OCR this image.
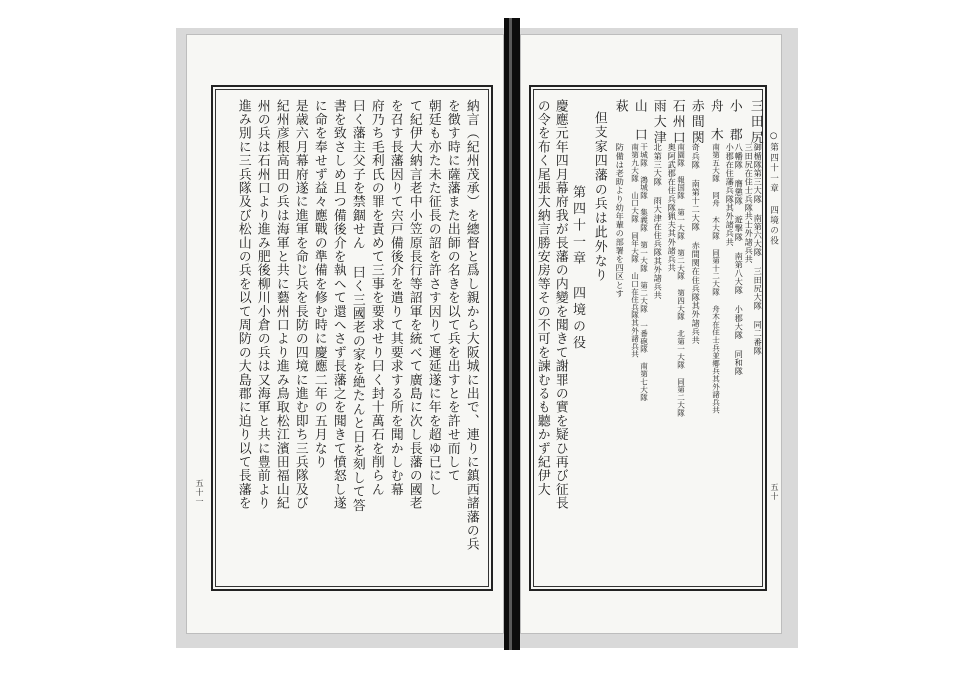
納言（紀州茂承）を總督と爲し親から大阪城に出で、連りに鎮西諸藩の兵
を徴す時に薩藩また出師の名きを以て兵を出すとを許せ而して
朝廷も亦た未た征長の詔を許さす因りて遲延遂に年を超ゆ已にし
て紀伊大納言老中小笠原長行等詔軍を統べて廣島に次し長藩の國老
を召す長藩因りて宍戸備後介を遣りて其要求する所を聞かしむ幕
府乃ち毛利氏の罪を責めて三事を要求せり曰く封十萬石を削らん
曰く藩主父子を禁錮せん 曰く三國老の家を絶たんと日を刻して答
書を致さしめ且つ備後介を執へて還へさず長藩之を聞きて憤怒し遂
に命を奉せず益々應戰の準備を修む時に慶應二年の五月なり
是歳六月幕府遂に進軍を命じ兵を長防の四境に進む即ち三兵隊及び
紀州彦根高田の兵は海軍と共に藝州口より進み鳥取松江濱田福山紀
州の兵は石州口より進み肥後柳川小倉の兵は又海軍と共に豊前より
進み別に三兵隊及び松山の兵を以て周防の大島郡に迫り以て長藩を
五十一
○第四十一章 四境の役
五十
三田尻
御楯隊第三大隊 南第六大隊 三田尻大隊 同二番隊
三田尻在住士兵隊共士外諸兵共
小郡
八幡隊 膺懲隊 遊撃隊 南第八大隊 小郡大隊 同和隊
小郡在住藩兵隊其外諸兵共
舟木
南第五大隊 同舟 木大隊 同第十二大隊 舟木在住士兵並郷兵其外諸兵共
赤間関
奇兵隊 南第十二大隊 赤間関在住兵隊其外諸兵共
石州口
南園隊 報国隊 第一大隊 第二大隊 第四大隊 北第一大隊 同第二大隊
奥阿武郡在住兵隊猟夫其外諸兵共
雨大津
北第三大隊 雨大津在住兵隊其外諸兵共
山口
干城隊 鴻城隊 集義隊 第一大隊 第二大隊 一番砲隊 南第七大隊
南第九大隊 山口大隊 同年大隊 山口在住兵隊其外諸兵共
萩
防備は老助より幼年輩の部署を四区とす
但支家四藩の兵は此外なり
第四十一章 四境の役
慶應元年四月幕府我が長藩の内變を聞きて謝罪の實を疑ひ再び征長
の令を布く尾張大納言勝安房等その不可を諫むるも聽かず紀伊大
